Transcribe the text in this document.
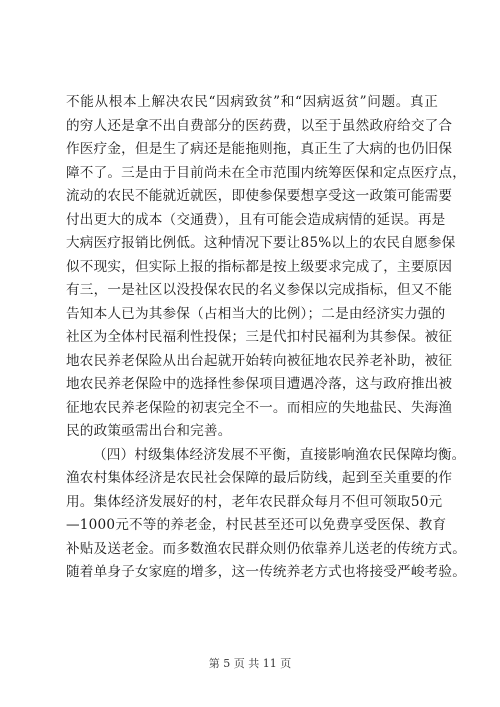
不能从根本上解决农民“因病致贫”和“因病返贫”问题。真正
的穷人还是拿不出自费部分的医药费，以至于虽然政府给交了合
作医疗金，但是生了病还是能拖则拖，真正生了大病的也仍旧保
障不了。三是由于目前尚未在全市范围内统筹医保和定点医疗点，
流动的农民不能就近就医，即使参保要想享受这一政策可能需要
付出更大的成本（交通费），且有可能会造成病情的延误。再是
大病医疗报销比例低。这种情况下要让85%以上的农民自愿参保
似不现实，但实际上报的指标都是按上级要求完成了，主要原因
有三，一是社区以没投保农民的名义参保以完成指标，但又不能
告知本人已为其参保（占相当大的比例）；二是由经济实力强的
社区为全体村民福利性投保；三是代扣村民福利为其参保。被征
地农民养老保险从出台起就开始转向被征地农民养老补助，被征
地农民养老保险中的选择性参保项目遭遇冷落，这与政府推出被
征地农民养老保险的初衷完全不一。而相应的失地盐民、失海渔
民的政策亟需出台和完善。
（四）村级集体经济发展不平衡，直接影响渔农民保障均衡。
渔农村集体经济是农民社会保障的最后防线，起到至关重要的作
用。集体经济发展好的村，老年农民群众每月不但可领取50元
—1000元不等的养老金，村民甚至还可以免费享受医保、教育
补贴及送老金。而多数渔农民群众则仍依靠养儿送老的传统方式。
随着单身子女家庭的增多，这一传统养老方式也将接受严峻考验。
第 5 页 共 11 页
